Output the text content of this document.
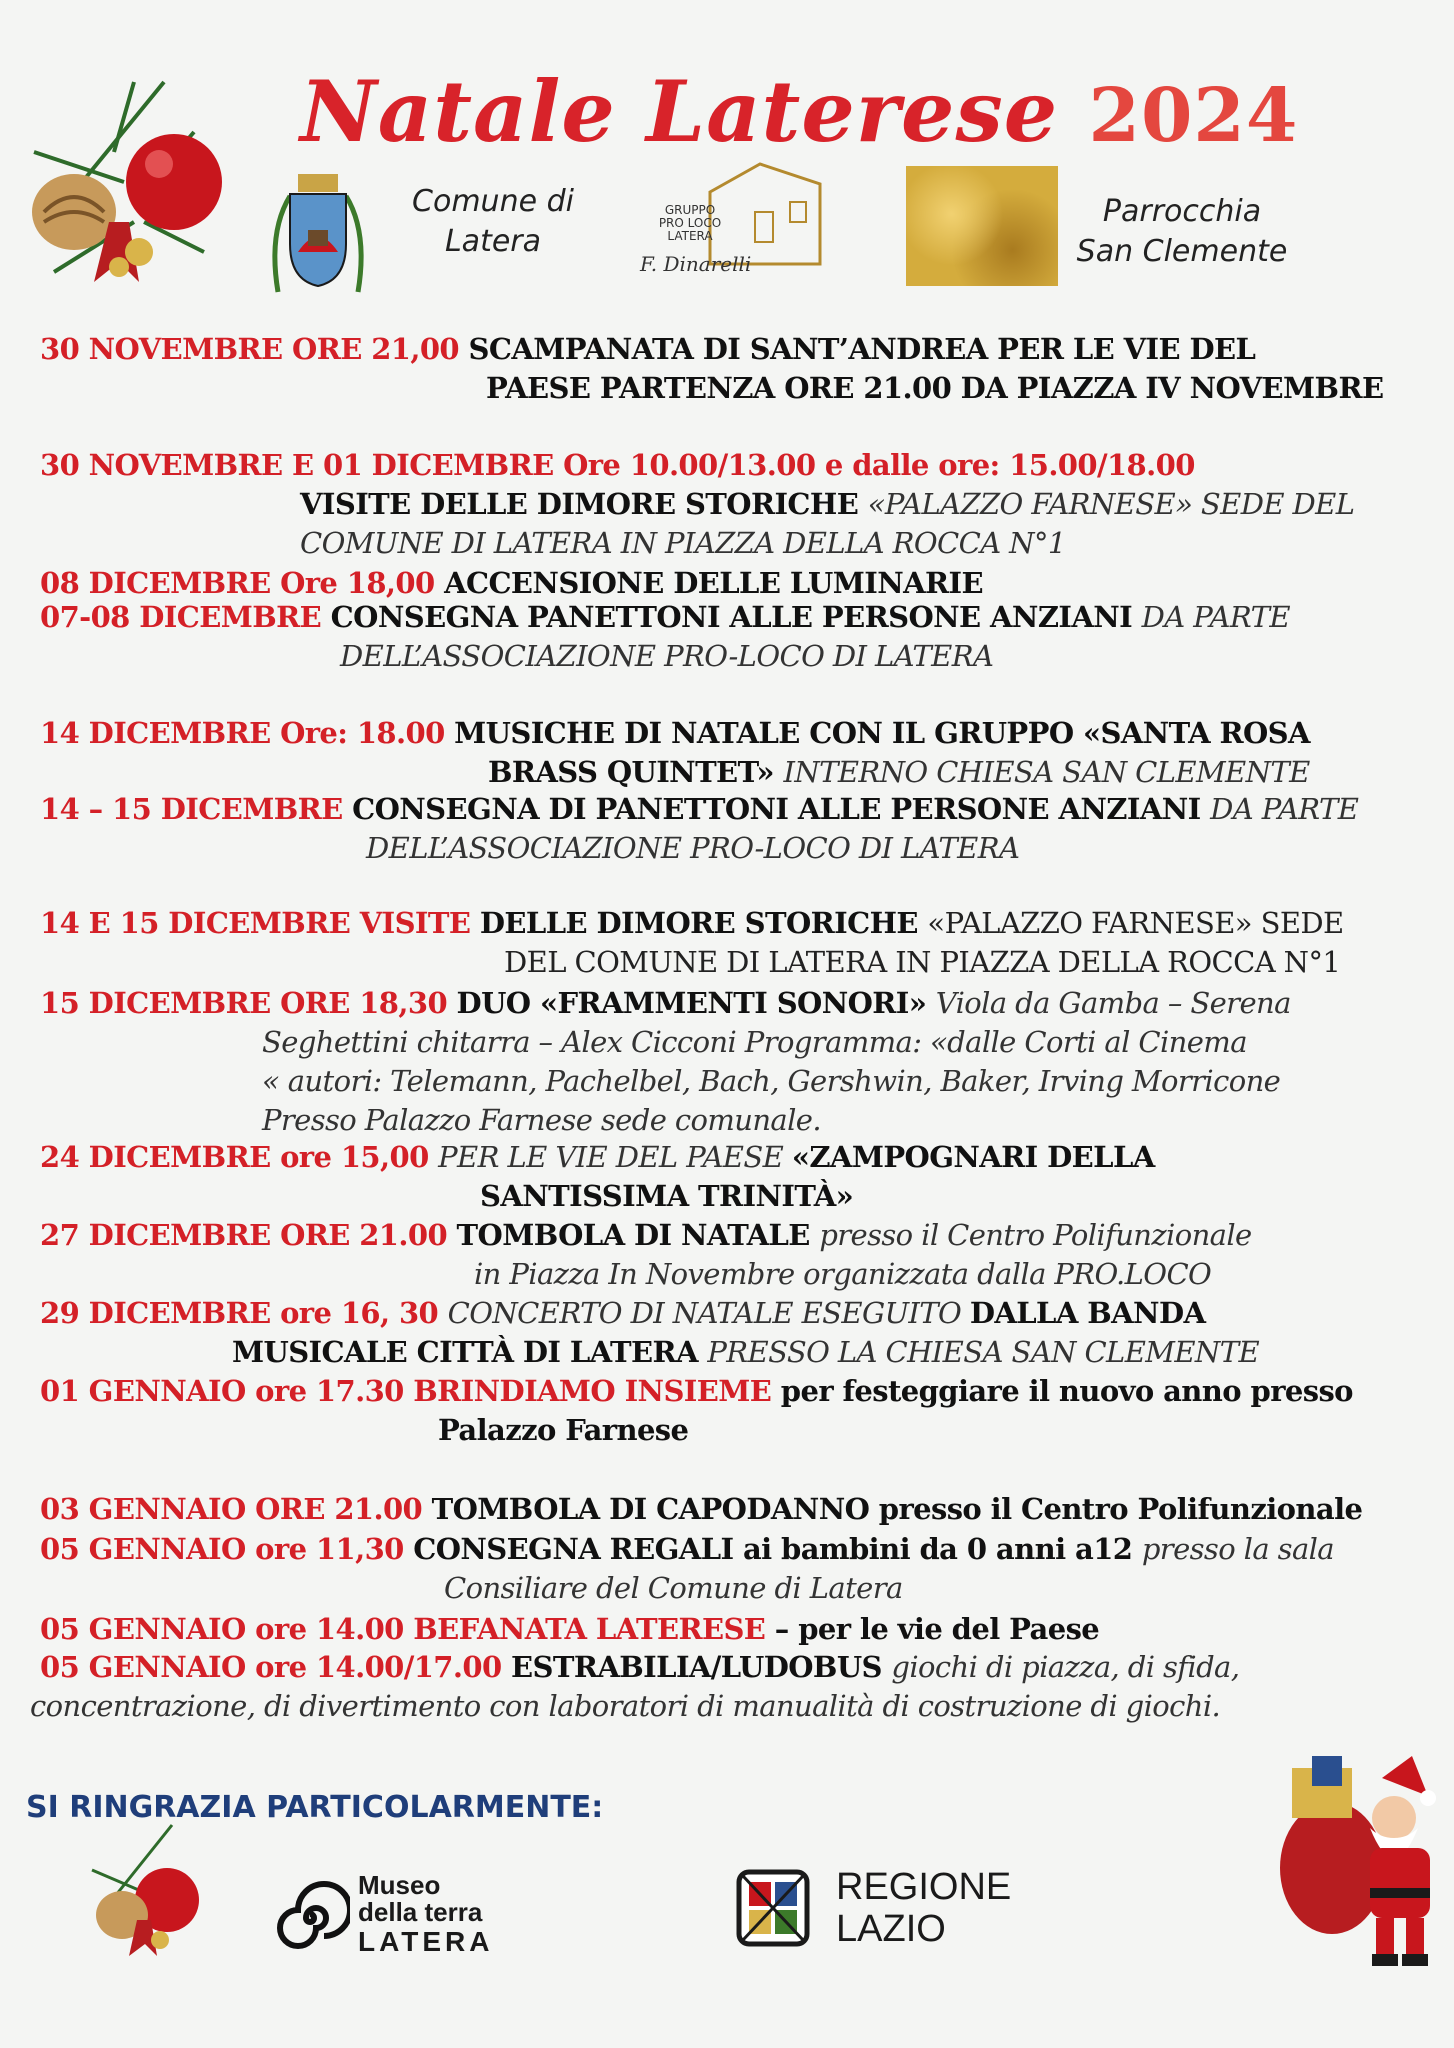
Comune di
Latera
GRUPPO
PRO LOCO
LATERA
F. Dinarelli
Parrocchia
San Clemente
Natale Laterese 2024
30 NOVEMBRE ORE 21,00 SCAMPANATA DI SANT’ANDREA PER LE VIE DEL
PAESE PARTENZA ORE 21.00 DA PIAZZA IV NOVEMBRE
30 NOVEMBRE E 01 DICEMBRE Ore 10.00/13.00 e dalle ore: 15.00/18.00
VISITE DELLE DIMORE STORICHE «PALAZZO FARNESE» SEDE DEL
COMUNE DI LATERA IN PIAZZA DELLA ROCCA N°1
08 DICEMBRE Ore 18,00 ACCENSIONE DELLE LUMINARIE
07-08 DICEMBRE CONSEGNA PANETTONI ALLE PERSONE ANZIANI DA PARTE
DELL’ASSOCIAZIONE PRO-LOCO DI LATERA
14 DICEMBRE Ore: 18.00 MUSICHE DI NATALE CON IL GRUPPO «SANTA ROSA
BRASS QUINTET» INTERNO CHIESA SAN CLEMENTE
14 – 15 DICEMBRE CONSEGNA DI PANETTONI ALLE PERSONE ANZIANI DA PARTE
DELL’ASSOCIAZIONE PRO-LOCO DI LATERA
14 E 15 DICEMBRE VISITE DELLE DIMORE STORICHE «PALAZZO FARNESE» SEDE
DEL COMUNE DI LATERA IN PIAZZA DELLA ROCCA N°1
15 DICEMBRE ORE 18,30 DUO «FRAMMENTI SONORI» Viola da Gamba – Serena
Seghettini chitarra – Alex Cicconi Programma: «dalle Corti al Cinema
« autori: Telemann, Pachelbel, Bach, Gershwin, Baker, Irving Morricone
Presso Palazzo Farnese sede comunale.
24 DICEMBRE ore 15,00 PER LE VIE DEL PAESE «ZAMPOGNARI DELLA
SANTISSIMA TRINITÀ»
27 DICEMBRE ORE 21.00 TOMBOLA DI NATALE presso il Centro Polifunzionale
in Piazza In Novembre organizzata dalla PRO.LOCO
29 DICEMBRE ore 16, 30 CONCERTO DI NATALE ESEGUITO DALLA BANDA
MUSICALE CITTÀ DI LATERA PRESSO LA CHIESA SAN CLEMENTE
01 GENNAIO ore 17.30 BRINDIAMO INSIEME per festeggiare il nuovo anno presso
Palazzo Farnese
03 GENNAIO ORE 21.00 TOMBOLA DI CAPODANNO presso il Centro Polifunzionale
05 GENNAIO ore 11,30 CONSEGNA REGALI ai bambini da 0 anni a12 presso la sala
Consiliare del Comune di Latera
05 GENNAIO ore 14.00 BEFANATA LATERESE – per le vie del Paese
05 GENNAIO ore 14.00/17.00 ESTRABILIA/LUDOBUS giochi di piazza, di sfida,
concentrazione, di divertimento con laboratori di manualità di costruzione di giochi.
SI RINGRAZIA PARTICOLARMENTE:
Museo
della terra
LATERA
REGIONE
LAZIO
